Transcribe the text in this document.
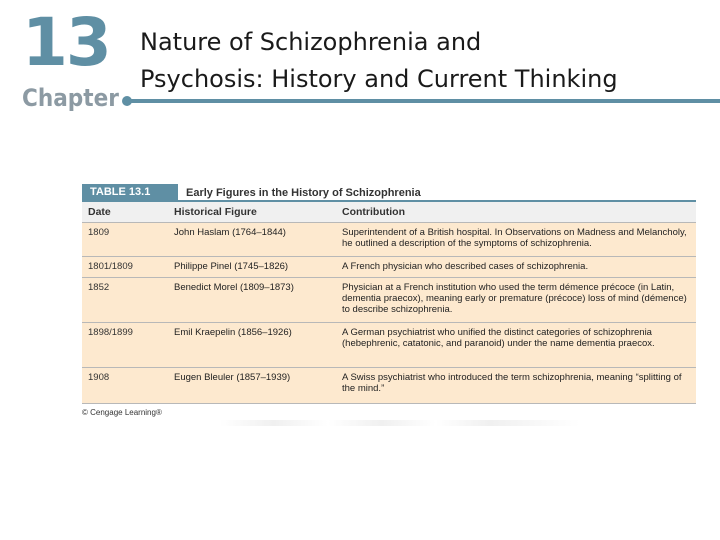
13
Chapter
Nature of Schizophrenia and
Psychosis: History and Current Thinking
TABLE 13.1	Early Figures in the History of Schizophrenia
Date	Historical Figure	Contribution
1809	John Haslam (1764–1844)	Superintendent of a British hospital. In Observations on Madness and Melancholy, he outlined a description of the symptoms of schizophrenia.
1801/1809	Philippe Pinel (1745–1826)	A French physician who described cases of schizophrenia.
1852	Benedict Morel (1809–1873)	Physician at a French institution who used the term démence précoce (in Latin, dementia praecox), meaning early or premature (précoce) loss of mind (démence) to describe schizophrenia.
1898/1899	Emil Kraepelin (1856–1926)	A German psychiatrist who unified the distinct categories of schizophrenia (hebephrenic, catatonic, and paranoid) under the name dementia praecox.
1908	Eugen Bleuler (1857–1939)	A Swiss psychiatrist who introduced the term schizophrenia, meaning “splitting of the mind.”
© Cengage Learning®
